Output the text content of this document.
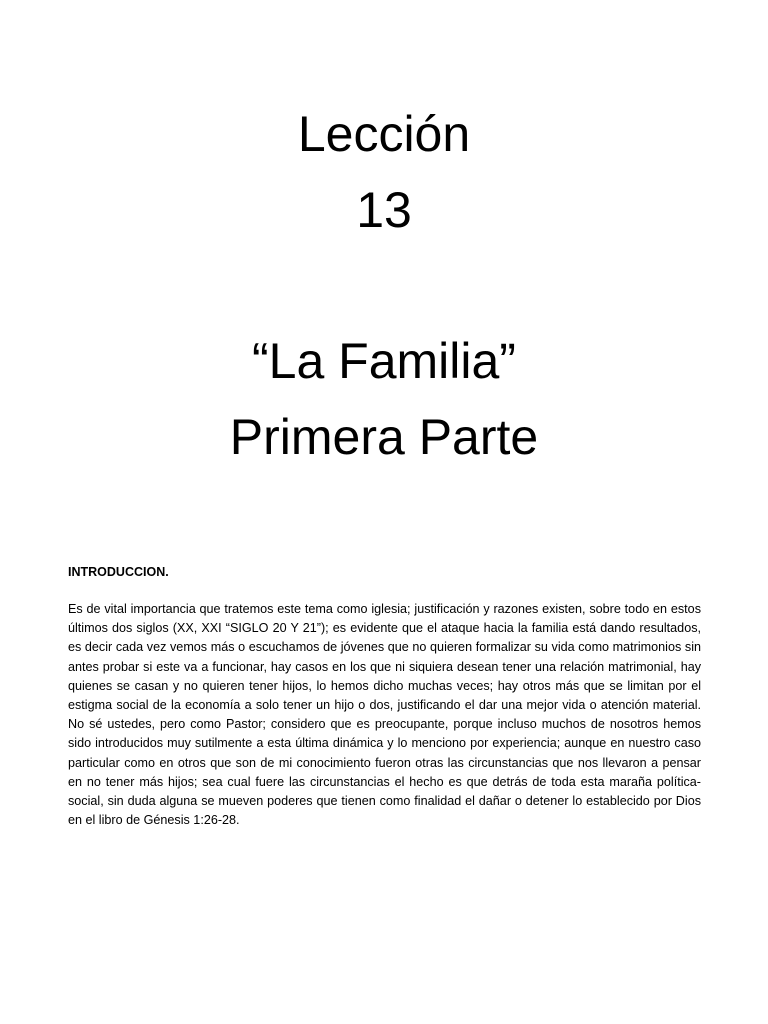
Lección
13
“La Familia”
Primera Parte
INTRODUCCION.

Es de vital importancia que tratemos este tema como iglesia; justificación y razones existen, sobre todo en estos últimos dos siglos (XX, XXI “SIGLO 20 Y 21”); es evidente que el ataque hacia la familia está dando resultados, es decir cada vez vemos más o escuchamos de jóvenes que no quieren formalizar su vida como matrimonios sin antes probar si este va a funcionar, hay casos en los que ni siquiera desean tener una relación matrimonial, hay quienes se casan y no quieren tener hijos, lo hemos dicho muchas veces; hay otros más que se limitan por el estigma social de la economía a solo tener un hijo o dos, justificando el dar una mejor vida o atención material. No sé ustedes, pero como Pastor; considero que es preocupante, porque incluso muchos de nosotros hemos sido introducidos muy sutilmente a esta última dinámica y lo menciono por experiencia; aunque en nuestro caso particular como en otros que son de mi conocimiento fueron otras las circunstancias que nos llevaron a pensar en no tener más hijos; sea cual fuere las circunstancias el hecho es que detrás de toda esta maraña política-social, sin duda alguna se mueven poderes que tienen como finalidad el dañar o detener lo establecido por Dios en el libro de Génesis 1:26-28.
